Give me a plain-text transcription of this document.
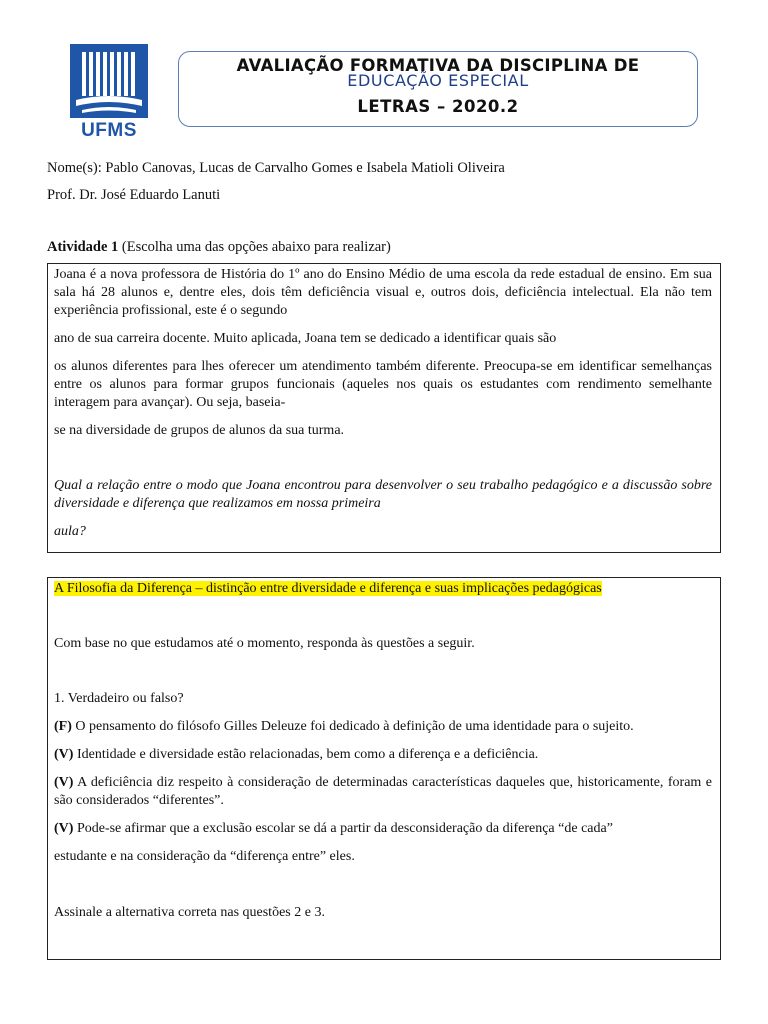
UFMS
AVALIAÇÃO FORMATIVA DA DISCIPLINA DE
EDUCAÇÃO ESPECIAL
LETRAS – 2020.2
Nome(s): Pablo Canovas, Lucas de Carvalho Gomes e Isabela Matioli Oliveira
Prof. Dr. José Eduardo Lanuti
Atividade 1 (Escolha uma das opções abaixo para realizar)

Joana é a nova professora de História do 1º ano do Ensino Médio de uma escola da rede estadual de ensino. Em sua sala há 28 alunos e, dentre eles, dois têm deficiência visual e, outros dois, deficiência intelectual. Ela não tem experiência profissional, este é o segundo

ano de sua carreira docente. Muito aplicada, Joana tem se dedicado a identificar quais são

os alunos diferentes para lhes oferecer um atendimento também diferente. Preocupa-se em identificar semelhanças entre os alunos para formar grupos funcionais (aqueles nos quais os estudantes com rendimento semelhante interagem para avançar). Ou seja, baseia-

se na diversidade de grupos de alunos da sua turma.

Qual a relação entre o modo que Joana encontrou para desenvolver o seu trabalho pedagógico e a discussão sobre diversidade e diferença que realizamos em nossa primeira

aula?

A Filosofia da Diferença – distinção entre diversidade e diferença e suas implicações pedagógicas

Com base no que estudamos até o momento, responda às questões a seguir.

1. Verdadeiro ou falso?

(F) O pensamento do filósofo Gilles Deleuze foi dedicado à definição de uma identidade para o sujeito.

(V) Identidade e diversidade estão relacionadas, bem como a diferença e a deficiência.

(V) A deficiência diz respeito à consideração de determinadas características daqueles que, historicamente, foram e são considerados “diferentes”.

(V) Pode-se afirmar que a exclusão escolar se dá a partir da desconsideração da diferença “de cada”

estudante e na consideração da “diferença entre” eles.

Assinale a alternativa correta nas questões 2 e 3.
